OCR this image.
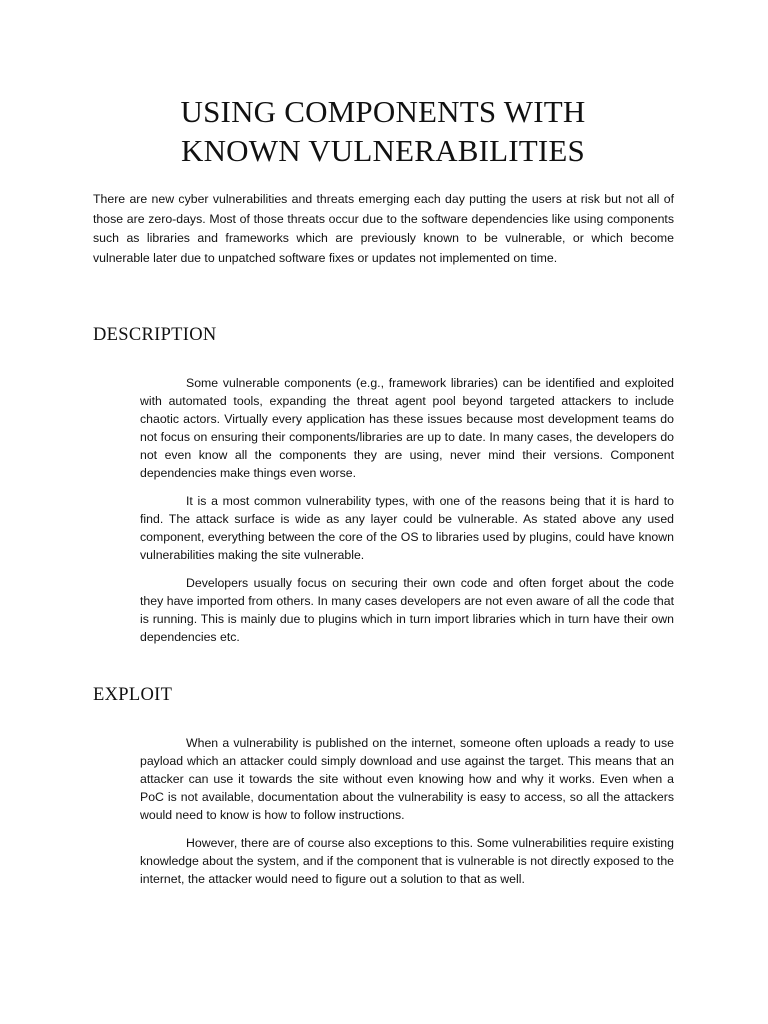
USING COMPONENTS WITH
KNOWN VULNERABILITIES

There are new cyber vulnerabilities and threats emerging each day putting the users at risk but not all of those are zero-days. Most of those threats occur due to the software dependencies like using components such as libraries and frameworks which are previously known to be vulnerable, or which become vulnerable later due to unpatched software fixes or updates not implemented on time.

DESCRIPTION

Some vulnerable components (e.g., framework libraries) can be identified and exploited with automated tools, expanding the threat agent pool beyond targeted attackers to include chaotic actors. Virtually every application has these issues because most development teams do not focus on ensuring their components/libraries are up to date. In many cases, the developers do not even know all the components they are using, never mind their versions. Component dependencies make things even worse.

It is a most common vulnerability types, with one of the reasons being that it is hard to find. The attack surface is wide as any layer could be vulnerable. As stated above any used component, everything between the core of the OS to libraries used by plugins, could have known vulnerabilities making the site vulnerable.

Developers usually focus on securing their own code and often forget about the code they have imported from others. In many cases developers are not even aware of all the code that is running. This is mainly due to plugins which in turn import libraries which in turn have their own dependencies etc.

EXPLOIT

When a vulnerability is published on the internet, someone often uploads a ready to use payload which an attacker could simply download and use against the target. This means that an attacker can use it towards the site without even knowing how and why it works. Even when a PoC is not available, documentation about the vulnerability is easy to access, so all the attackers would need to know is how to follow instructions.

However, there are of course also exceptions to this. Some vulnerabilities require existing knowledge about the system, and if the component that is vulnerable is not directly exposed to the internet, the attacker would need to figure out a solution to that as well.
